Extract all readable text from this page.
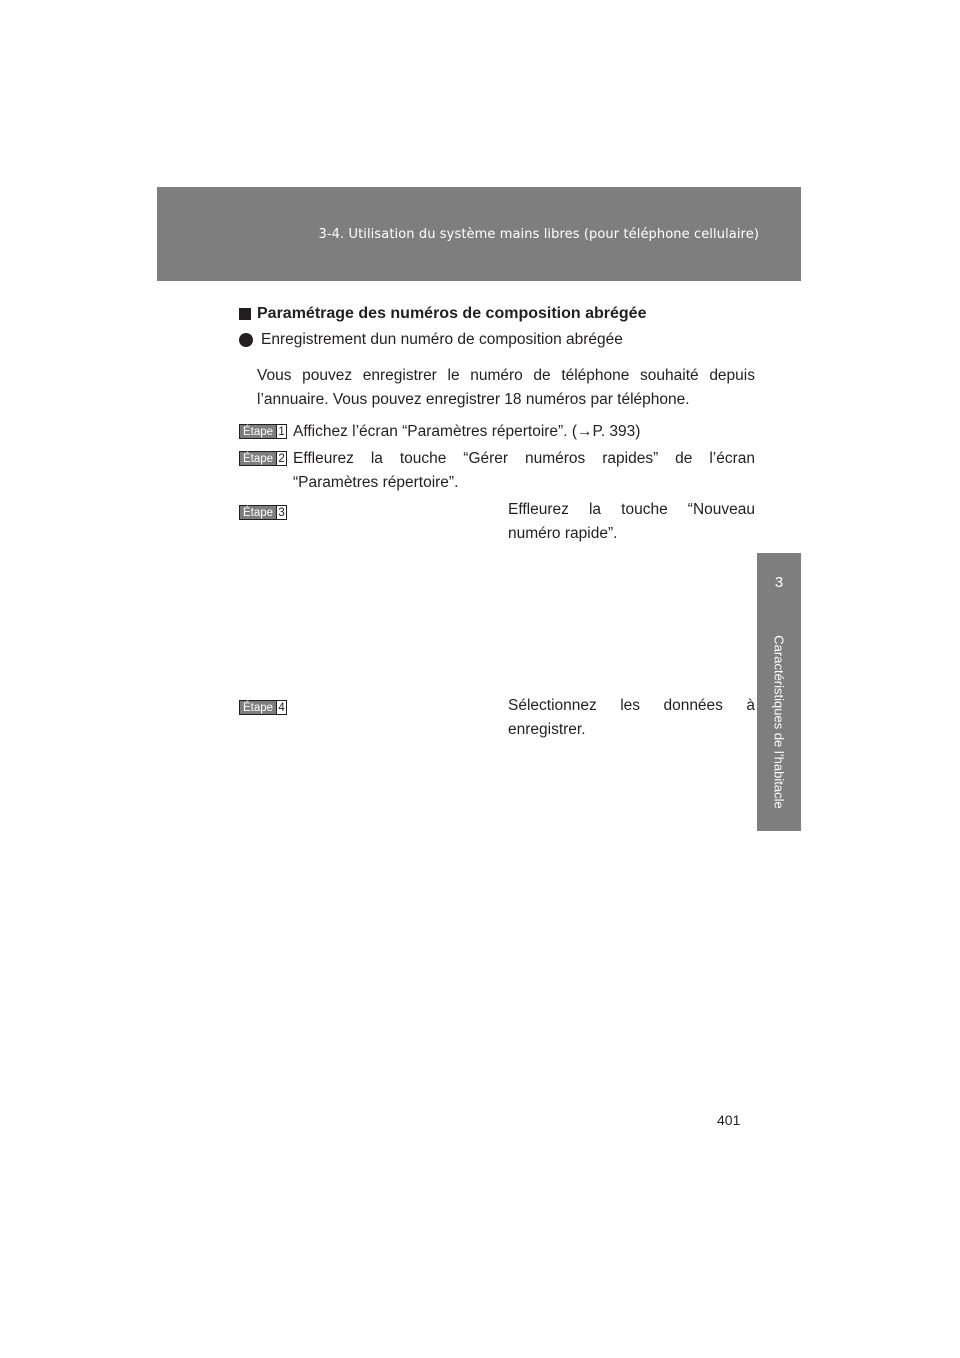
3-4. Utilisation du système mains libres (pour téléphone cellulaire)
3
Caractéristiques de l’habitacle
Paramétrage des numéros de composition abrégée
Enregistrement dun numéro de composition abrégée
Vous pouvez enregistrer le numéro de téléphone souhaité depuis l’annuaire. Vous pouvez enregistrer 18 numéros par téléphone.
Étape 1 Affichez l’écran “Paramètres répertoire”. (→P. 393)
Étape 2 Effleurez la touche “Gérer numéros rapides” de l’écran “Paramètres répertoire”.
Étape 3	Effleurez la touche “Nouveau numéro rapide”.
Étape 4	Sélectionnez les données à enregistrer.
401
